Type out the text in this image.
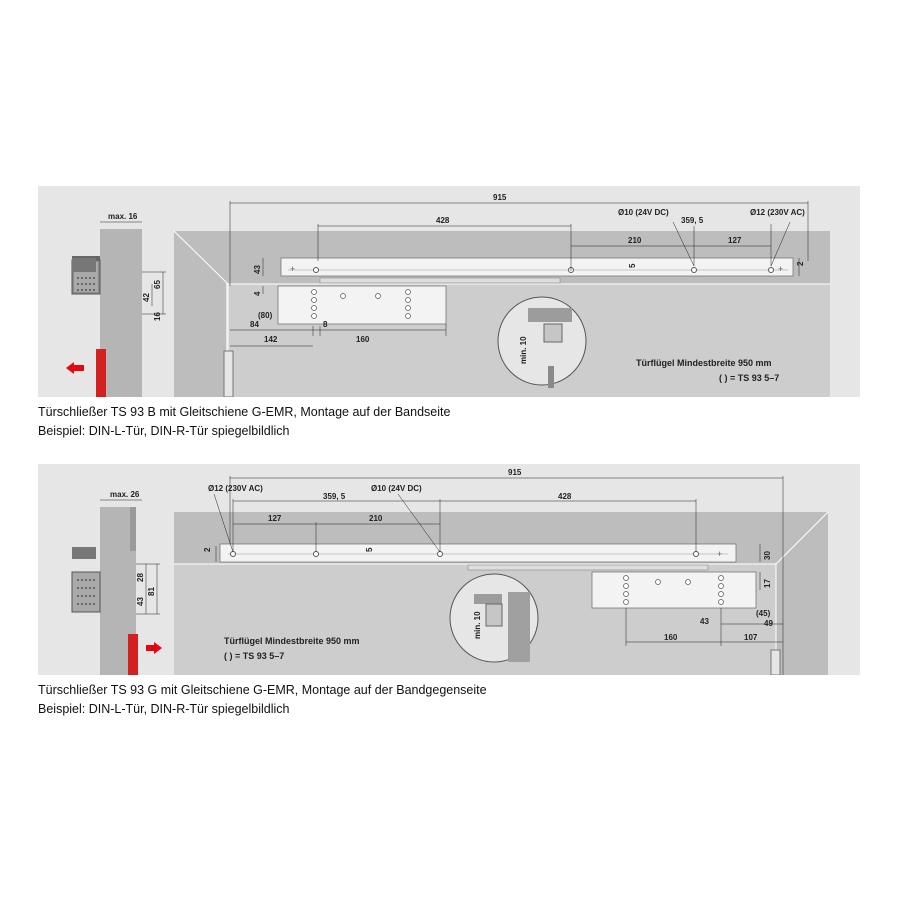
max. 16
65
42
16
+	+
915
428
Ø10 (24V DC)	Ø12 (230V AC)
359, 5
210	127
43	5	2
4
84
(80)
8
142	160	min. 10	Türflügel Mindestbreite 950 mm
( ) = TS 93 5–7
Türschließer TS 93 B mit Gleitschiene G-EMR, Montage auf der Bandseite
Beispiel: DIN-L-Tür, DIN-R-Tür spiegelbildlich
max. 26
28
43
81
+
915
Ø12 (230V AC)
359, 5
Ø10 (24V DC)
428
127	210
2	5
30
17
(45)
49
43
160	107
min. 10
Türflügel Mindestbreite 950 mm
( ) = TS 93 5–7
Türschließer TS 93 G mit Gleitschiene G-EMR, Montage auf der Bandgegenseite
Beispiel: DIN-L-Tür, DIN-R-Tür spiegelbildlich
